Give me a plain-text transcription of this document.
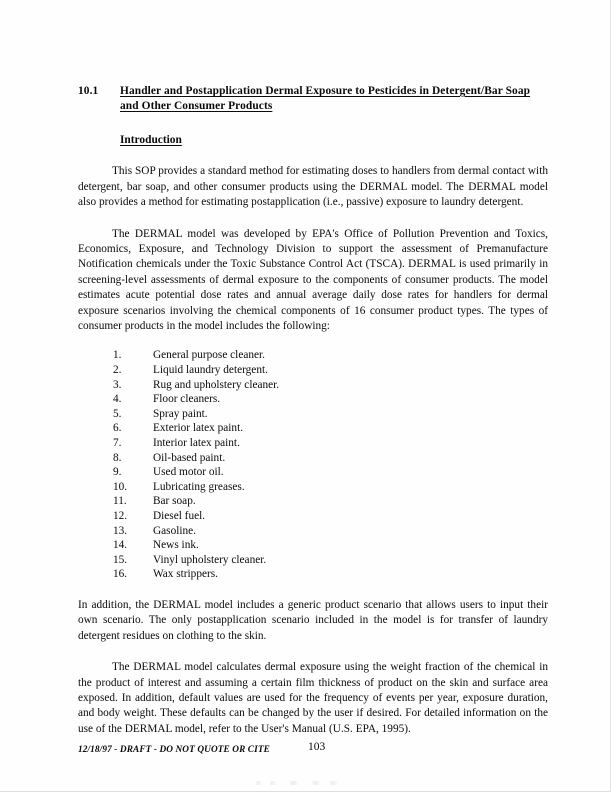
10.1 Handler and Postapplication Dermal Exposure to Pesticides in Detergent/Bar Soap and Other Consumer Products
Introduction

This SOP provides a standard method for estimating doses to handlers from dermal contact with detergent, bar soap, and other consumer products using the DERMAL model. The DERMAL model also provides a method for estimating postapplication (i.e., passive) exposure to laundry detergent.

The DERMAL model was developed by EPA's Office of Pollution Prevention and Toxics, Economics, Exposure, and Technology Division to support the assessment of Premanufacture Notification chemicals under the Toxic Substance Control Act (TSCA). DERMAL is used primarily in screening-level assessments of dermal exposure to the components of consumer products. The model estimates acute potential dose rates and annual average daily dose rates for handlers for dermal exposure scenarios involving the chemical components of 16 consumer product types. The types of consumer products in the model includes the following:

1.	General purpose cleaner.
2.	Liquid laundry detergent.
3.	Rug and upholstery cleaner.
4.	Floor cleaners.
5.	Spray paint.
6.	Exterior latex paint.
7.	Interior latex paint.
8.	Oil-based paint.
9.	Used motor oil.
10.	Lubricating greases.
11.	Bar soap.
12.	Diesel fuel.
13.	Gasoline.
14.	News ink.
15.	Vinyl upholstery cleaner.
16.	Wax strippers.

In addition, the DERMAL model includes a generic product scenario that allows users to input their own scenario. The only postapplication scenario included in the model is for transfer of laundry detergent residues on clothing to the skin.

The DERMAL model calculates dermal exposure using the weight fraction of the chemical in the product of interest and assuming a certain film thickness of product on the skin and surface area exposed. In addition, default values are used for the frequency of events per year, exposure duration, and body weight. These defaults can be changed by the user if desired. For detailed information on the use of the DERMAL model, refer to the User's Manual (U.S. EPA, 1995).

12/18/97 - DRAFT - DO NOT QUOTE OR CITE	103
